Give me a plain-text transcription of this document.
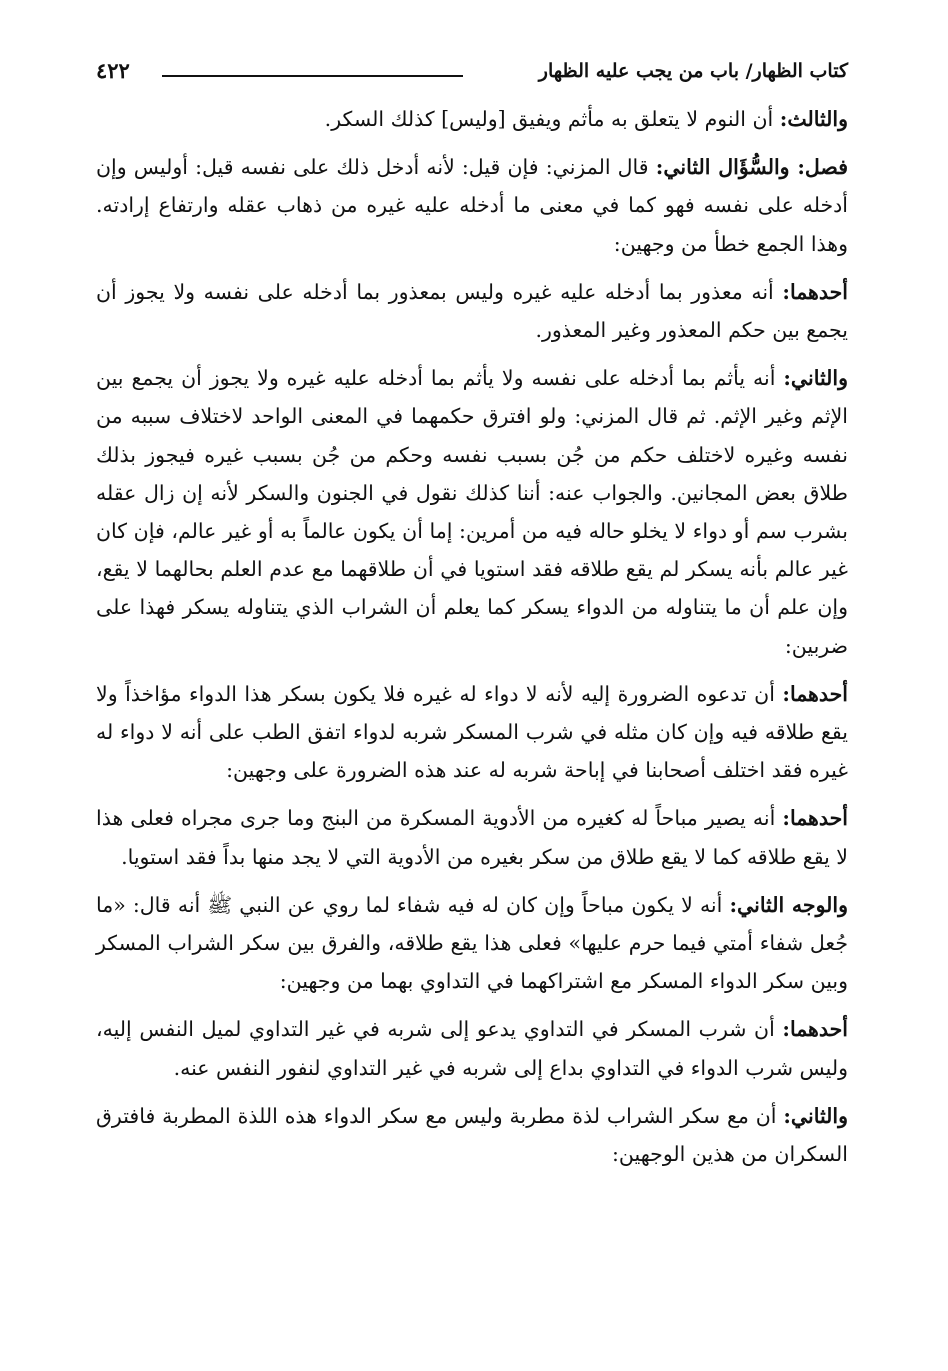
كتاب الظهار/ باب من يجب عليه الظهار
٤٢٢

والثالث: أن النوم لا يتعلق به مأثم ويفيق [وليس] كذلك السكر.

فصل: والسُّؤَال الثاني: قال المزني: فإن قيل: لأنه أدخل ذلك على نفسه قيل: أوليس وإن أدخله على نفسه فهو كما في معنى ما أدخله عليه غيره من ذهاب عقله وارتفاع إرادته. وهذا الجمع خطأ من وجهين:

أحدهما: أنه معذور بما أدخله عليه غيره وليس بمعذور بما أدخله على نفسه ولا يجوز أن يجمع بين حكم المعذور وغير المعذور.

والثاني: أنه يأثم بما أدخله على نفسه ولا يأثم بما أدخله عليه غيره ولا يجوز أن يجمع بين الإثم وغير الإثم. ثم قال المزني: ولو افترق حكمهما في المعنى الواحد لاختلاف سببه من نفسه وغيره لاختلف حكم من جُن بسبب نفسه وحكم من جُن بسبب غيره فيجوز بذلك طلاق بعض المجانين. والجواب عنه: أننا كذلك نقول في الجنون والسكر لأنه إن زال عقله بشرب سم أو دواء لا يخلو حاله فيه من أمرين: إما أن يكون عالماً به أو غير عالم، فإن كان غير عالم بأنه يسكر لم يقع طلاقه فقد استويا في أن طلاقهما مع عدم العلم بحالهما لا يقع، وإن علم أن ما يتناوله من الدواء يسكر كما يعلم أن الشراب الذي يتناوله يسكر فهذا على ضربين:

أحدهما: أن تدعوه الضرورة إليه لأنه لا دواء له غيره فلا يكون بسكر هذا الدواء مؤاخذاً ولا يقع طلاقه فيه وإن كان مثله في شرب المسكر شربه لدواء اتفق الطب على أنه لا دواء له غيره فقد اختلف أصحابنا في إباحة شربه له عند هذه الضرورة على وجهين:

أحدهما: أنه يصير مباحاً له كغيره من الأدوية المسكرة من البنج وما جرى مجراه فعلى هذا لا يقع طلاقه كما لا يقع طلاق من سكر بغيره من الأدوية التي لا يجد منها بداً فقد استويا.

والوجه الثاني: أنه لا يكون مباحاً وإن كان له فيه شفاء لما روي عن النبي ﷺ أنه قال: «ما جُعل شفاء أمتي فيما حرم عليها» فعلى هذا يقع طلاقه، والفرق بين سكر الشراب المسكر وبين سكر الدواء المسكر مع اشتراكهما في التداوي بهما من وجهين:

أحدهما: أن شرب المسكر في التداوي يدعو إلى شربه في غير التداوي لميل النفس إليه، وليس شرب الدواء في التداوي بداع إلى شربه في غير التداوي لنفور النفس عنه.

والثاني: أن مع سكر الشراب لذة مطربة وليس مع سكر الدواء هذه اللذة المطربة فافترق السكران من هذين الوجهين:
